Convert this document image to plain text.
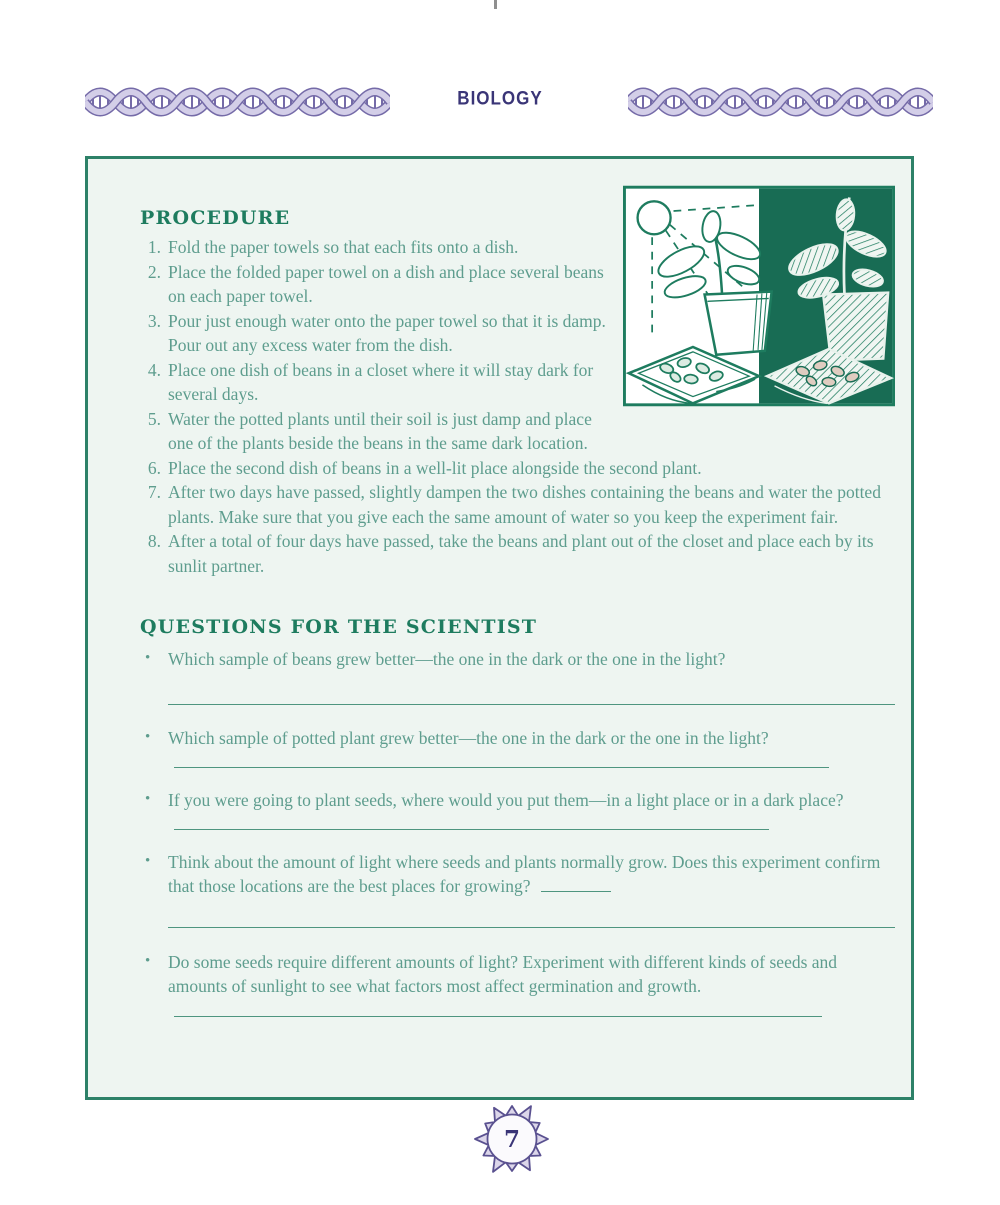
BIOLOGY
PROCEDURE
1. Fold the paper towels so that each fits onto a dish.
2. Place the folded paper towel on a dish and place several beans on each paper towel.
3. Pour just enough water onto the paper towel so that it is damp. Pour out any excess water from the dish.
4. Place one dish of beans in a closet where it will stay dark for several days.
5. Water the potted plants until their soil is just damp and place one of the plants beside the beans in the same dark location.
6. Place the second dish of beans in a well-lit place alongside the second plant.
7. After two days have passed, slightly dampen the two dishes containing the beans and water the potted plants. Make sure that you give each the same amount of water so you keep the experiment fair.
8. After a total of four days have passed, take the beans and plant out of the closet and place each by its sunlit partner.
QUESTIONS FOR THE SCIENTIST
• Which sample of beans grew better—the one in the dark or the one in the light?
• Which sample of potted plant grew better—the one in the dark or the one in the light?
• If you were going to plant seeds, where would you put them—in a light place or in a dark place?
• Think about the amount of light where seeds and plants normally grow. Does this experiment confirm that those locations are the best places for growing?
• Do some seeds require different amounts of light? Experiment with different kinds of seeds and amounts of sunlight to see what factors most affect germination and growth.
7
